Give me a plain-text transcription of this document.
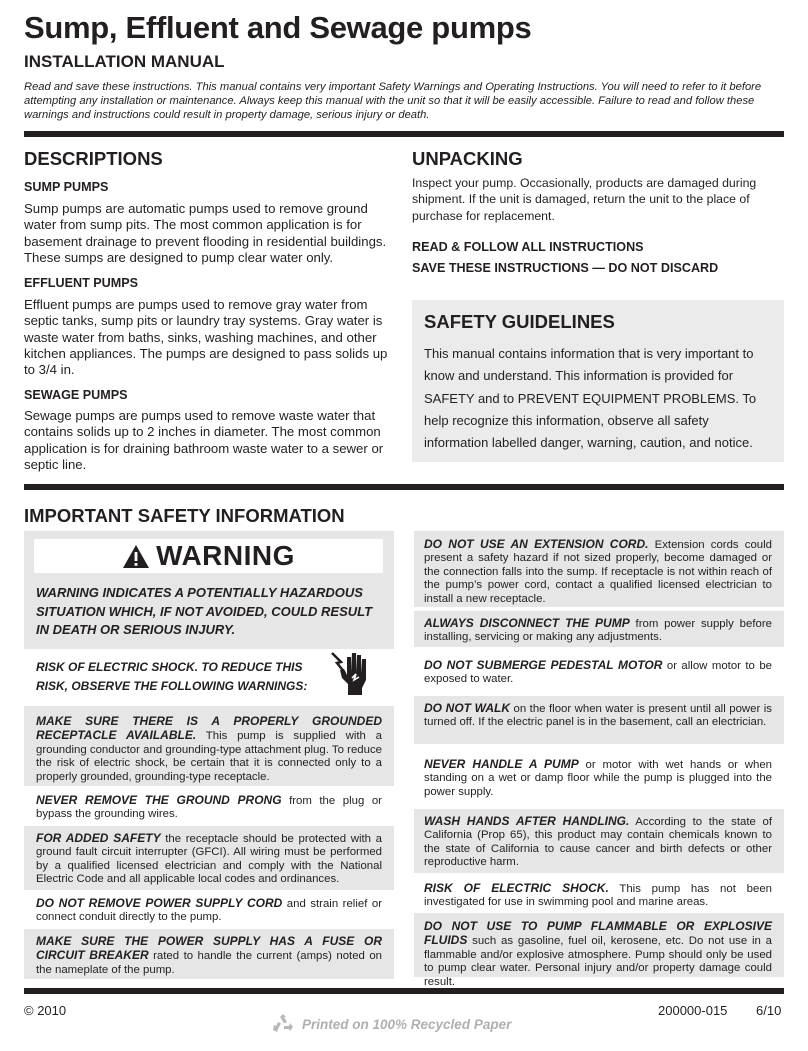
Sump, Effluent and Sewage pumps
INSTALLATION MANUAL
Read and save these instructions. This manual contains very important Safety Warnings and Operating Instructions. You will need to refer to it before attempting any installation or maintenance. Always keep this manual with the unit so that it will be easily accessible. Failure to read and follow these warnings and instructions could result in property damage, serious injury or death.
DESCRIPTIONS
SUMP PUMPS
Sump pumps are automatic pumps used to remove ground water from sump pits. The most common application is for basement drainage to prevent flooding in residential buildings. These sumps are designed to pump clear water only.
EFFLUENT PUMPS
Effluent pumps are pumps used to remove gray water from septic tanks, sump pits or laundry tray systems. Gray water is waste water from baths, sinks, washing machines, and other kitchen appliances. The pumps are designed to pass solids up to 3/4 in.
SEWAGE PUMPS
Sewage pumps are pumps used to remove waste water that contains solids up to 2 inches in diameter. The most common application is for draining bathroom waste water to a sewer or septic line.
UNPACKING
Inspect your pump. Occasionally, products are damaged during shipment. If the unit is damaged, return the unit to the place of purchase for replacement.
READ & FOLLOW ALL INSTRUCTIONS
SAVE THESE INSTRUCTIONS — DO NOT DISCARD
SAFETY GUIDELINES
This manual contains information that is very important to know and understand. This information is provided for SAFETY and to PREVENT EQUIPMENT PROBLEMS. To help recognize this information, observe all safety information labelled danger, warning, caution, and notice.
IMPORTANT SAFETY INFORMATION
WARNING
WARNING INDICATES A POTENTIALLY HAZARDOUS SITUATION WHICH, IF NOT AVOIDED, COULD RESULT IN DEATH OR SERIOUS INJURY.
RISK OF ELECTRIC SHOCK. TO REDUCE THIS RISK, OBSERVE THE FOLLOWING WARNINGS:
MAKE SURE THERE IS A PROPERLY GROUNDED RECEPTACLE AVAILABLE. This pump is supplied with a grounding conductor and grounding-type attachment plug. To reduce the risk of electric shock, be certain that it is connected only to a properly grounded, grounding-type receptacle.
NEVER REMOVE THE GROUND PRONG from the plug or bypass the grounding wires.
FOR ADDED SAFETY the receptacle should be protected with a ground fault circuit interrupter (GFCI). All wiring must be performed by a qualified licensed electrician and comply with the National Electric Code and all applicable local codes and ordinances.
DO NOT REMOVE POWER SUPPLY CORD and strain relief or connect conduit directly to the pump.
MAKE SURE THE POWER SUPPLY HAS A FUSE OR CIRCUIT BREAKER rated to handle the current (amps) noted on the nameplate of the pump.
DO NOT USE AN EXTENSION CORD. Extension cords could present a safety hazard if not sized properly, become damaged or the connection falls into the sump. If receptacle is not within reach of the pump’s power cord, contact a qualified licensed electrician to install a new receptacle.
ALWAYS DISCONNECT THE PUMP from power supply before installing, servicing or making any adjustments.
DO NOT SUBMERGE PEDESTAL MOTOR or allow motor to be exposed to water.
DO NOT WALK on the floor when water is present until all power is turned off. If the electric panel is in the basement, call an electrician.
NEVER HANDLE A PUMP or motor with wet hands or when standing on a wet or damp floor while the pump is plugged into the power supply.
WASH HANDS AFTER HANDLING. According to the state of California (Prop 65), this product may contain chemicals known to the state of California to cause cancer and birth defects or other reproductive harm.
RISK OF ELECTRIC SHOCK. This pump has not been investigated for use in swimming pool and marine areas.
DO NOT USE TO PUMP FLAMMABLE OR EXPLOSIVE FLUIDS such as gasoline, fuel oil, kerosene, etc. Do not use in a flammable and/or explosive atmosphere. Pump should only be used to pump clear water. Personal injury and/or property damage could result.
© 2010	200000-015 6/10
Printed on 100% Recycled Paper
